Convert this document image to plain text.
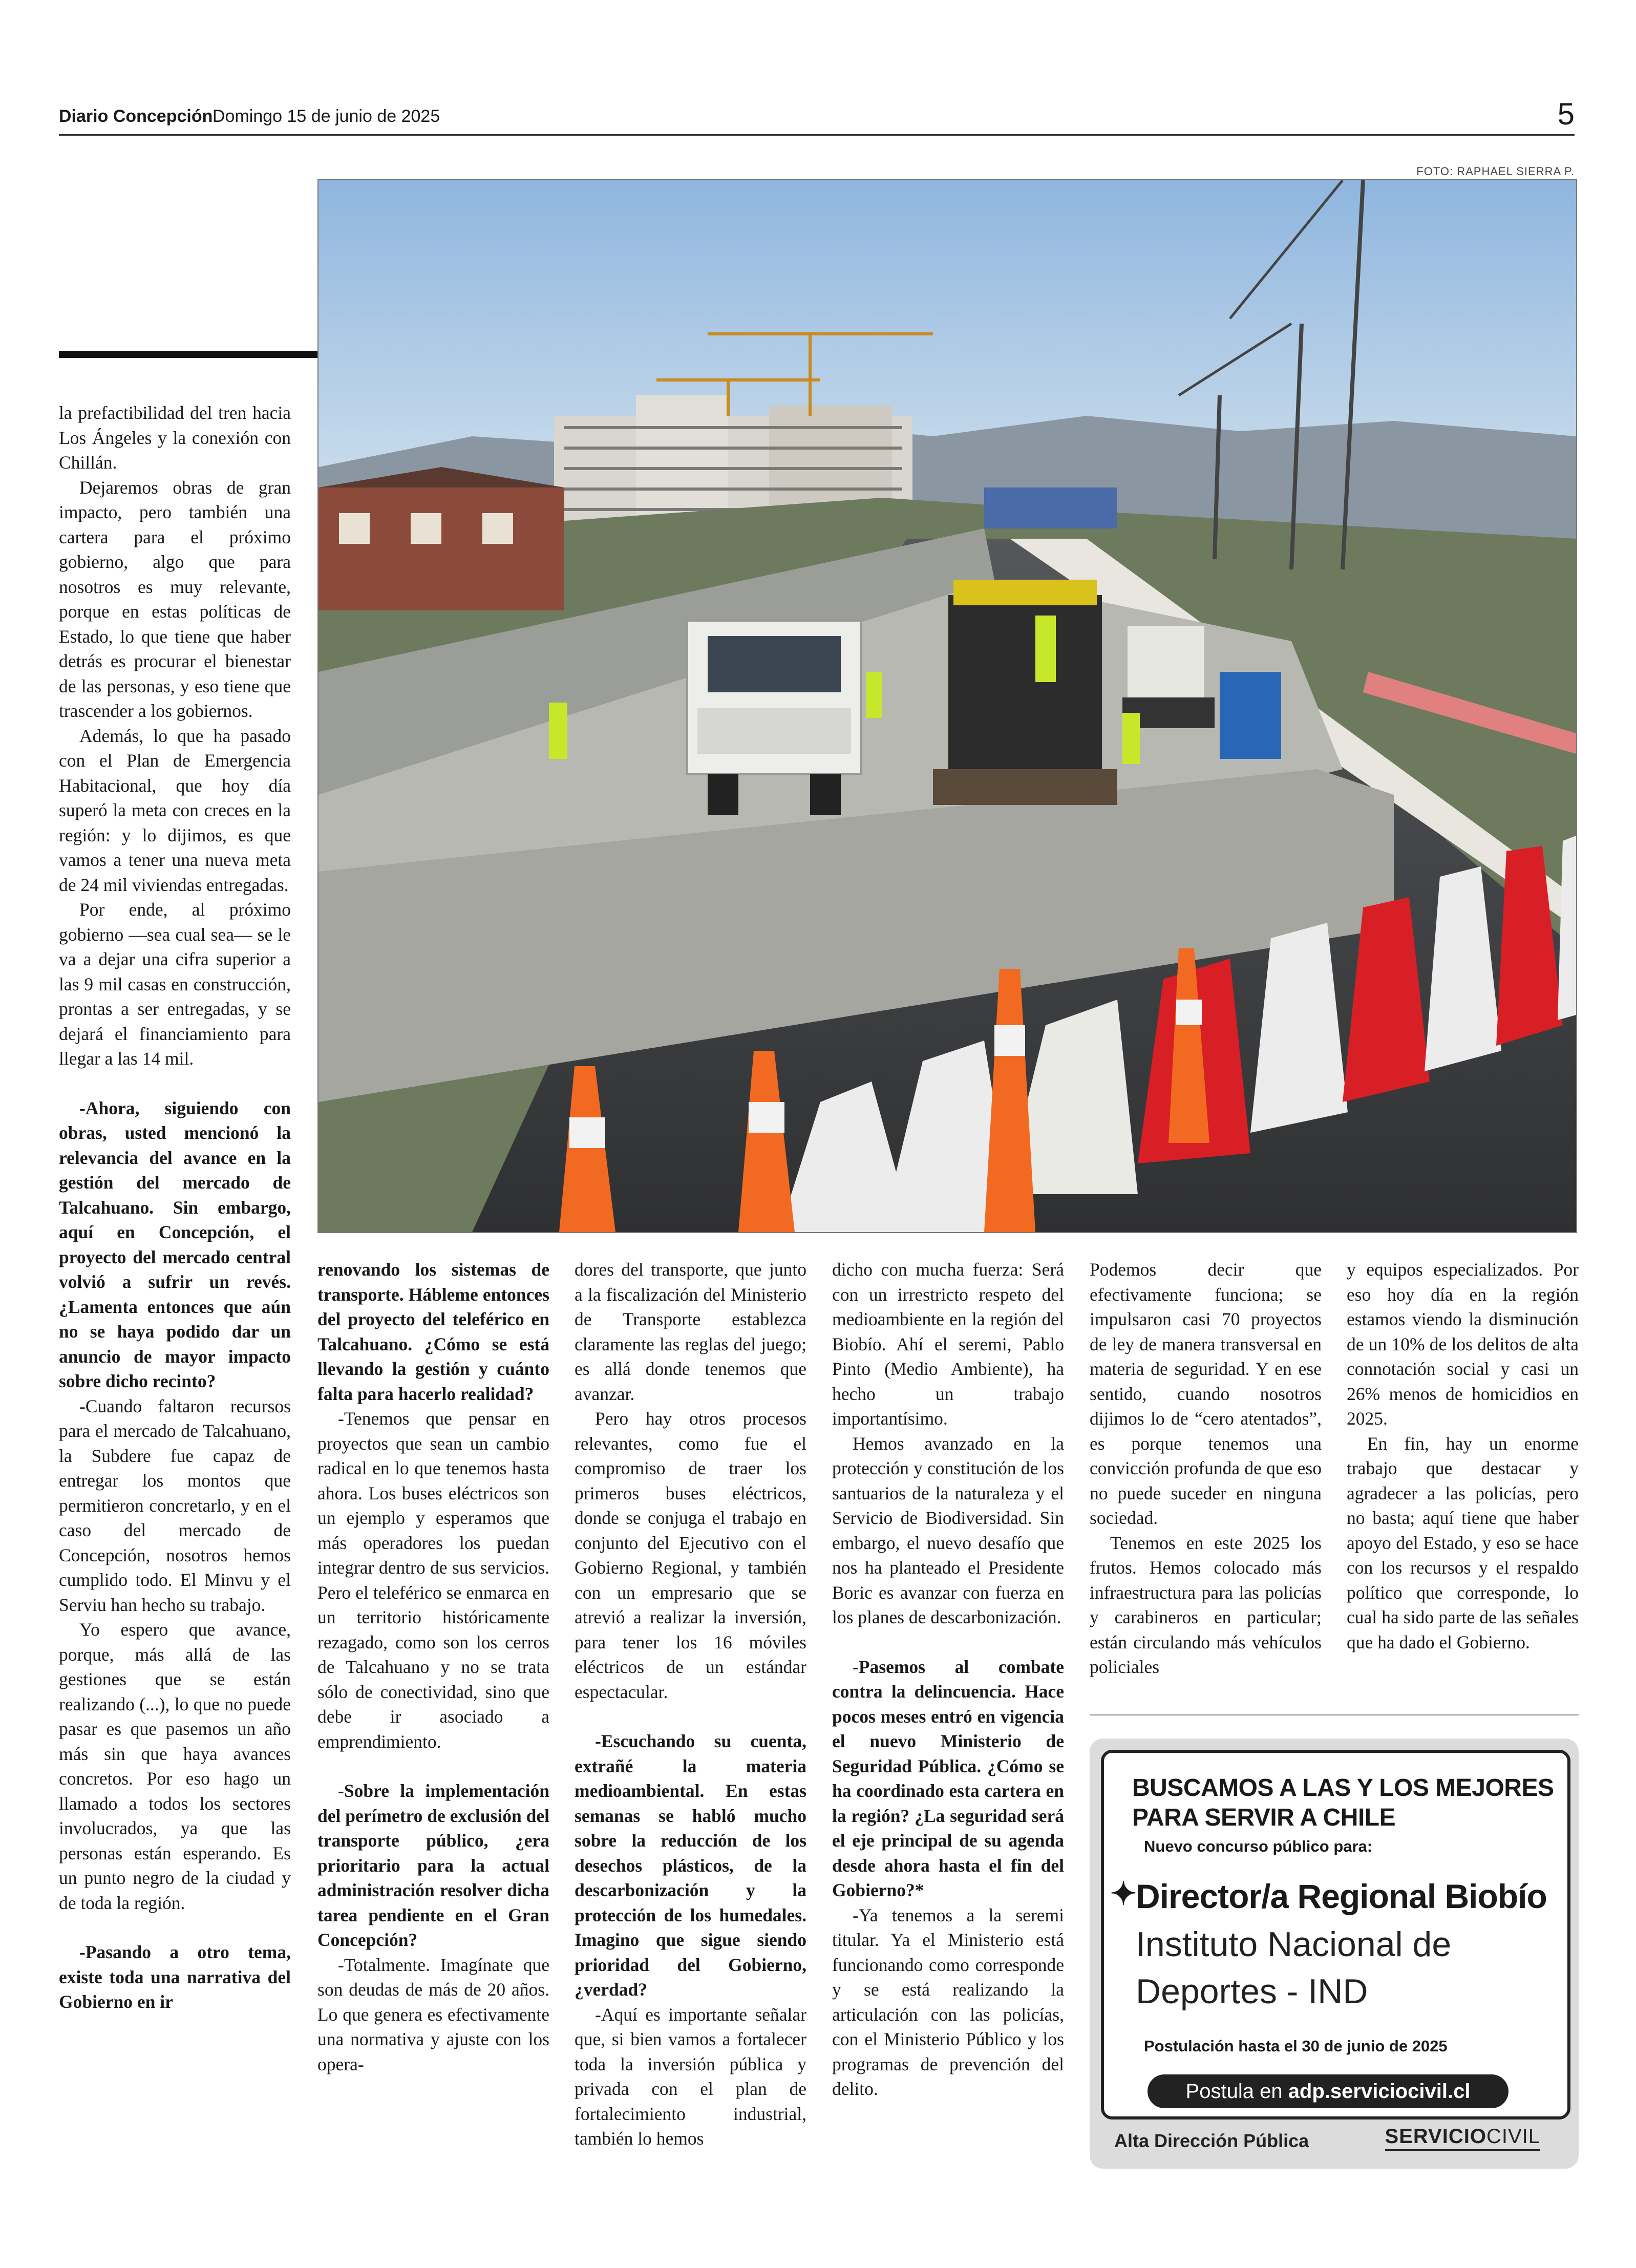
Diario Concepción Domingo 15 de junio de 2025	5
FOTO: RAPHAEL SIERRA P.

la prefactibilidad del tren hacia Los Ángeles y la conexión con Chillán.

Dejaremos obras de gran impacto, pero también una cartera para el próximo gobierno, algo que para nosotros es muy relevante, porque en estas políticas de Estado, lo que tiene que haber detrás es procurar el bienestar de las personas, y eso tiene que trascender a los gobiernos.

Además, lo que ha pasado con el Plan de Emergencia Habitacional, que hoy día superó la meta con creces en la región: y lo dijimos, es que vamos a tener una nueva meta de 24 mil viviendas entregadas.

Por ende, al próximo gobierno —sea cual sea— se le va a dejar una cifra superior a las 9 mil casas en construcción, prontas a ser entregadas, y se dejará el financiamiento para llegar a las 14 mil.

-Ahora, siguiendo con obras, usted mencionó la relevancia del avance en la gestión del mercado de Talcahuano. Sin embargo, aquí en Concepción, el proyecto del mercado central volvió a sufrir un revés. ¿Lamenta entonces que aún no se haya podido dar un anuncio de mayor impacto sobre dicho recinto?

-Cuando faltaron recursos para el mercado de Talcahuano, la Subdere fue capaz de entregar los montos que permitieron concretarlo, y en el caso del mercado de Concepción, nosotros hemos cumplido todo. El Minvu y el Serviu han hecho su trabajo.

Yo espero que avance, porque, más allá de las gestiones que se están realizando (...), lo que no puede pasar es que pasemos un año más sin que haya avances concretos. Por eso hago un llamado a todos los sectores involucrados, ya que las personas están esperando. Es un punto negro de la ciudad y de toda la región.

-Pasando a otro tema, existe toda una narrativa del Gobierno en ir

renovando los sistemas de transporte. Hábleme entonces del proyecto del teleférico en Talcahuano. ¿Cómo se está llevando la gestión y cuánto falta para hacerlo realidad?

-Tenemos que pensar en proyectos que sean un cambio radical en lo que tenemos hasta ahora. Los buses eléctricos son un ejemplo y esperamos que más operadores los puedan integrar dentro de sus servicios. Pero el teleférico se enmarca en un territorio históricamente rezagado, como son los cerros de Talcahuano y no se trata sólo de conectividad, sino que debe ir asociado a emprendimiento.

-Sobre la implementación del perímetro de exclusión del transporte público, ¿era prioritario para la actual administración resolver dicha tarea pendiente en el Gran Concepción?

-Totalmente. Imagínate que son deudas de más de 20 años. Lo que genera es efectivamente una normativa y ajuste con los opera-

dores del transporte, que junto a la fiscalización del Ministerio de Transporte establezca claramente las reglas del juego; es allá donde tenemos que avanzar.

Pero hay otros procesos relevantes, como fue el compromiso de traer los primeros buses eléctricos, donde se conjuga el trabajo en conjunto del Ejecutivo con el Gobierno Regional, y también con un empresario que se atrevió a realizar la inversión, para tener los 16 móviles eléctricos de un estándar espectacular.

-Escuchando su cuenta, extrañé la materia medioambiental. En estas semanas se habló mucho sobre la reducción de los desechos plásticos, de la descarbonización y la protección de los humedales. Imagino que sigue siendo prioridad del Gobierno, ¿verdad?

-Aquí es importante señalar que, si bien vamos a fortalecer toda la inversión pública y privada con el plan de fortalecimiento industrial, también lo hemos

dicho con mucha fuerza: Será con un irrestricto respeto del medioambiente en la región del Biobío. Ahí el seremi, Pablo Pinto (Medio Ambiente), ha hecho un trabajo importantísimo.

Hemos avanzado en la protección y constitución de los santuarios de la naturaleza y el Servicio de Biodiversidad. Sin embargo, el nuevo desafío que nos ha planteado el Presidente Boric es avanzar con fuerza en los planes de descarbonización.

-Pasemos al combate contra la delincuencia. Hace pocos meses entró en vigencia el nuevo Ministerio de Seguridad Pública. ¿Cómo se ha coordinado esta cartera en la región? ¿La seguridad será el eje principal de su agenda desde ahora hasta el fin del Gobierno?*

-Ya tenemos a la seremi titular. Ya el Ministerio está funcionando como corresponde y se está realizando la articulación con las policías, con el Ministerio Público y los programas de prevención del delito.

Podemos decir que efectivamente funciona; se impulsaron casi 70 proyectos de ley de manera transversal en materia de seguridad. Y en ese sentido, cuando nosotros dijimos lo de “cero atentados”, es porque tenemos una convicción profunda de que eso no puede suceder en ninguna sociedad.

Tenemos en este 2025 los frutos. Hemos colocado más infraestructura para las policías y carabineros en particular; están circulando más vehículos policiales

y equipos especializados. Por eso hoy día en la región estamos viendo la disminución de un 10% de los delitos de alta connotación social y casi un 26% menos de homicidios en 2025.

En fin, hay un enorme trabajo que destacar y agradecer a las policías, pero no basta; aquí tiene que haber apoyo del Estado, y eso se hace con los recursos y el respaldo político que corresponde, lo cual ha sido parte de las señales que ha dado el Gobierno.

BUSCAMOS A LAS Y LOS MEJORES
PARA SERVIR A CHILE
Nuevo concurso público para:
✦
Director/a Regional Biobío
Instituto Nacional de
Deportes - IND
Postulación hasta el 30 de junio de 2025
Postula en adp.serviciocivil.cl
Alta Dirección Pública	SERVICIOCIVIL
